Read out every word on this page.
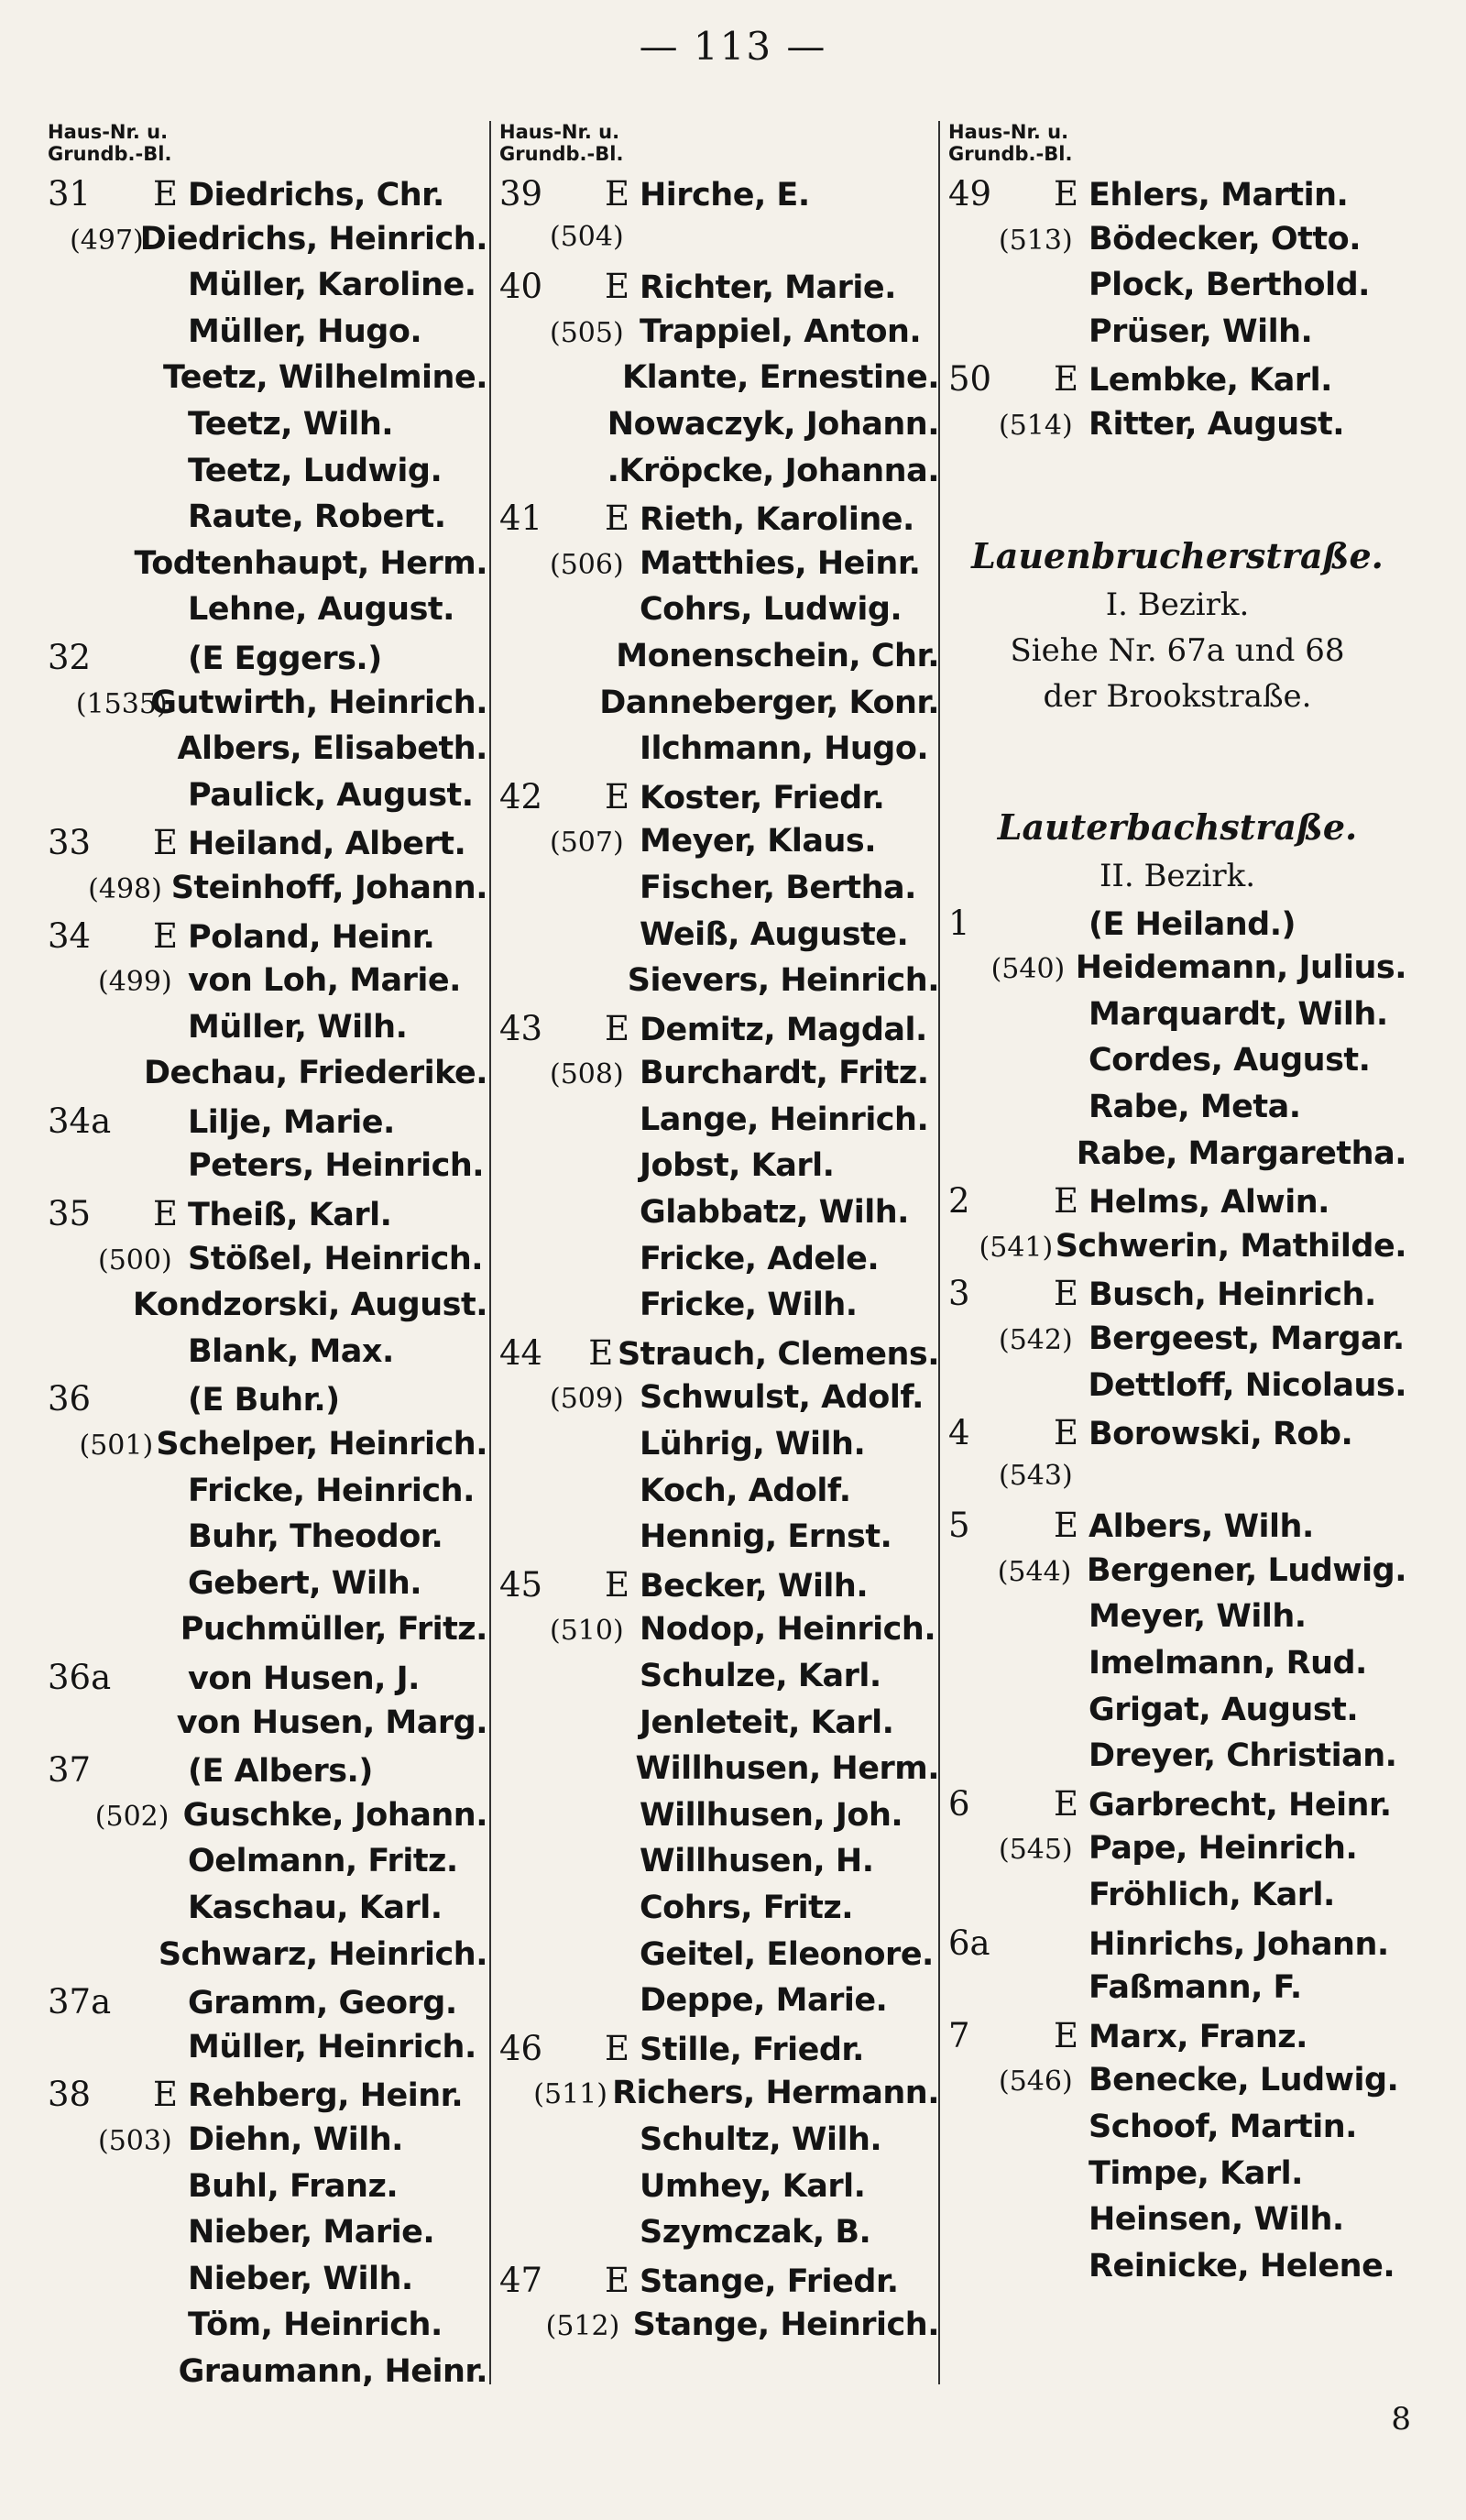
— 113 —
Haus-Nr. u.
Grundb.-Bl.
31 E Diedrichs, Chr.
(497)
Diedrichs, Heinrich.
Müller, Karoline.
Müller, Hugo.
Teetz, Wilhelmine.
Teetz, Wilh.
Teetz, Ludwig.
Raute, Robert.
Todtenhaupt, Herm.
Lehne, August.
32	(E Eggers.)
(1535)
Gutwirth, Heinrich.
Albers, Elisabeth.
Paulick, August.
33 E Heiland, Albert.
(498) Steinhoff, Johann.
34 E Poland, Heinr.
(499) von Loh, Marie.
Müller, Wilh.
Dechau, Friederike.
34a Lilje, Marie.
Peters, Heinrich.
35 E Theiß, Karl.
(500) Stößel, Heinrich.
Kondzorski, August.
Blank, Max.
36	(E Buhr.)
(501) Schelper, Heinrich.
Fricke, Heinrich.
Buhr, Theodor.
Gebert, Wilh.
Puchmüller, Fritz.
36a von Husen, J.
von Husen, Marg.
37	(E Albers.)
(502) Guschke, Johann.
Oelmann, Fritz.
Kaschau, Karl.
Schwarz, Heinrich.
37a Gramm, Georg.
Müller, Heinrich.
38 E Rehberg, Heinr.
(503) Diehn, Wilh.
Buhl, Franz.
Nieber, Marie.
Nieber, Wilh.
Töm, Heinrich.
Graumann, Heinr.
Haus-Nr. u.
Grundb.-Bl.
39 E Hirche, E.
(504)
40 E Richter, Marie.
(505) Trappiel, Anton.
Klante, Ernestine.
Nowaczyk, Johann.
.Kröpcke, Johanna.
41 E Rieth, Karoline.
(506) Matthies, Heinr.
Cohrs, Ludwig.
Monenschein, Chr.
Danneberger, Konr.
Ilchmann, Hugo.
42 E Koster, Friedr.
(507) Meyer, Klaus.
Fischer, Bertha.
Weiß, Auguste.
Sievers, Heinrich.
43 E Demitz, Magdal.
(508) Burchardt, Fritz.
Lange, Heinrich.
Jobst, Karl.
Glabbatz, Wilh.
Fricke, Adele.
Fricke, Wilh.
44 E Strauch, Clemens.
(509) Schwulst, Adolf.
Lührig, Wilh.
Koch, Adolf.
Hennig, Ernst.
45 E Becker, Wilh.
(510) Nodop, Heinrich.
Schulze, Karl.
Jenleteit, Karl.
Willhusen, Herm.
Willhusen, Joh.
Willhusen, H.
Cohrs, Fritz.
Geitel, Eleonore.
Deppe, Marie.
46 E Stille, Friedr.
(511) Richers, Hermann.
Schultz, Wilh.
Umhey, Karl.
Szymczak, B.
47 E Stange, Friedr.
(512) Stange, Heinrich.
Haus-Nr. u.
Grundb.-Bl.
49 E Ehlers, Martin.
(513) Bödecker, Otto.
Plock, Berthold.
Prüser, Wilh.
50 E Lembke, Karl.
(514) Ritter, August.
Lauenbrucherstraße.
I. Bezirk.
Siehe Nr. 67a und 68
der Brookstraße.
Lauterbachstraße.
II. Bezirk.
1	(E Heiland.)
(540) Heidemann, Julius.
Marquardt, Wilh.
Cordes, August.
Rabe, Meta.
Rabe, Margaretha.
2	E Helms, Alwin.
(541) Schwerin, Mathilde.
3	E Busch, Heinrich.
(542) Bergeest, Margar.
Dettloff, Nicolaus.
4	E Borowski, Rob.
(543)
5	E Albers, Wilh.
(544) Bergener, Ludwig.
Meyer, Wilh.
Imelmann, Rud.
Grigat, August.
Dreyer, Christian.
6	E Garbrecht, Heinr.
(545) Pape, Heinrich.
Fröhlich, Karl.
6a	Hinrichs, Johann.
Faßmann, F.
7	E Marx, Franz.
(546) Benecke, Ludwig.
Schoof, Martin.
Timpe, Karl.
Heinsen, Wilh.
Reinicke, Helene.
8
